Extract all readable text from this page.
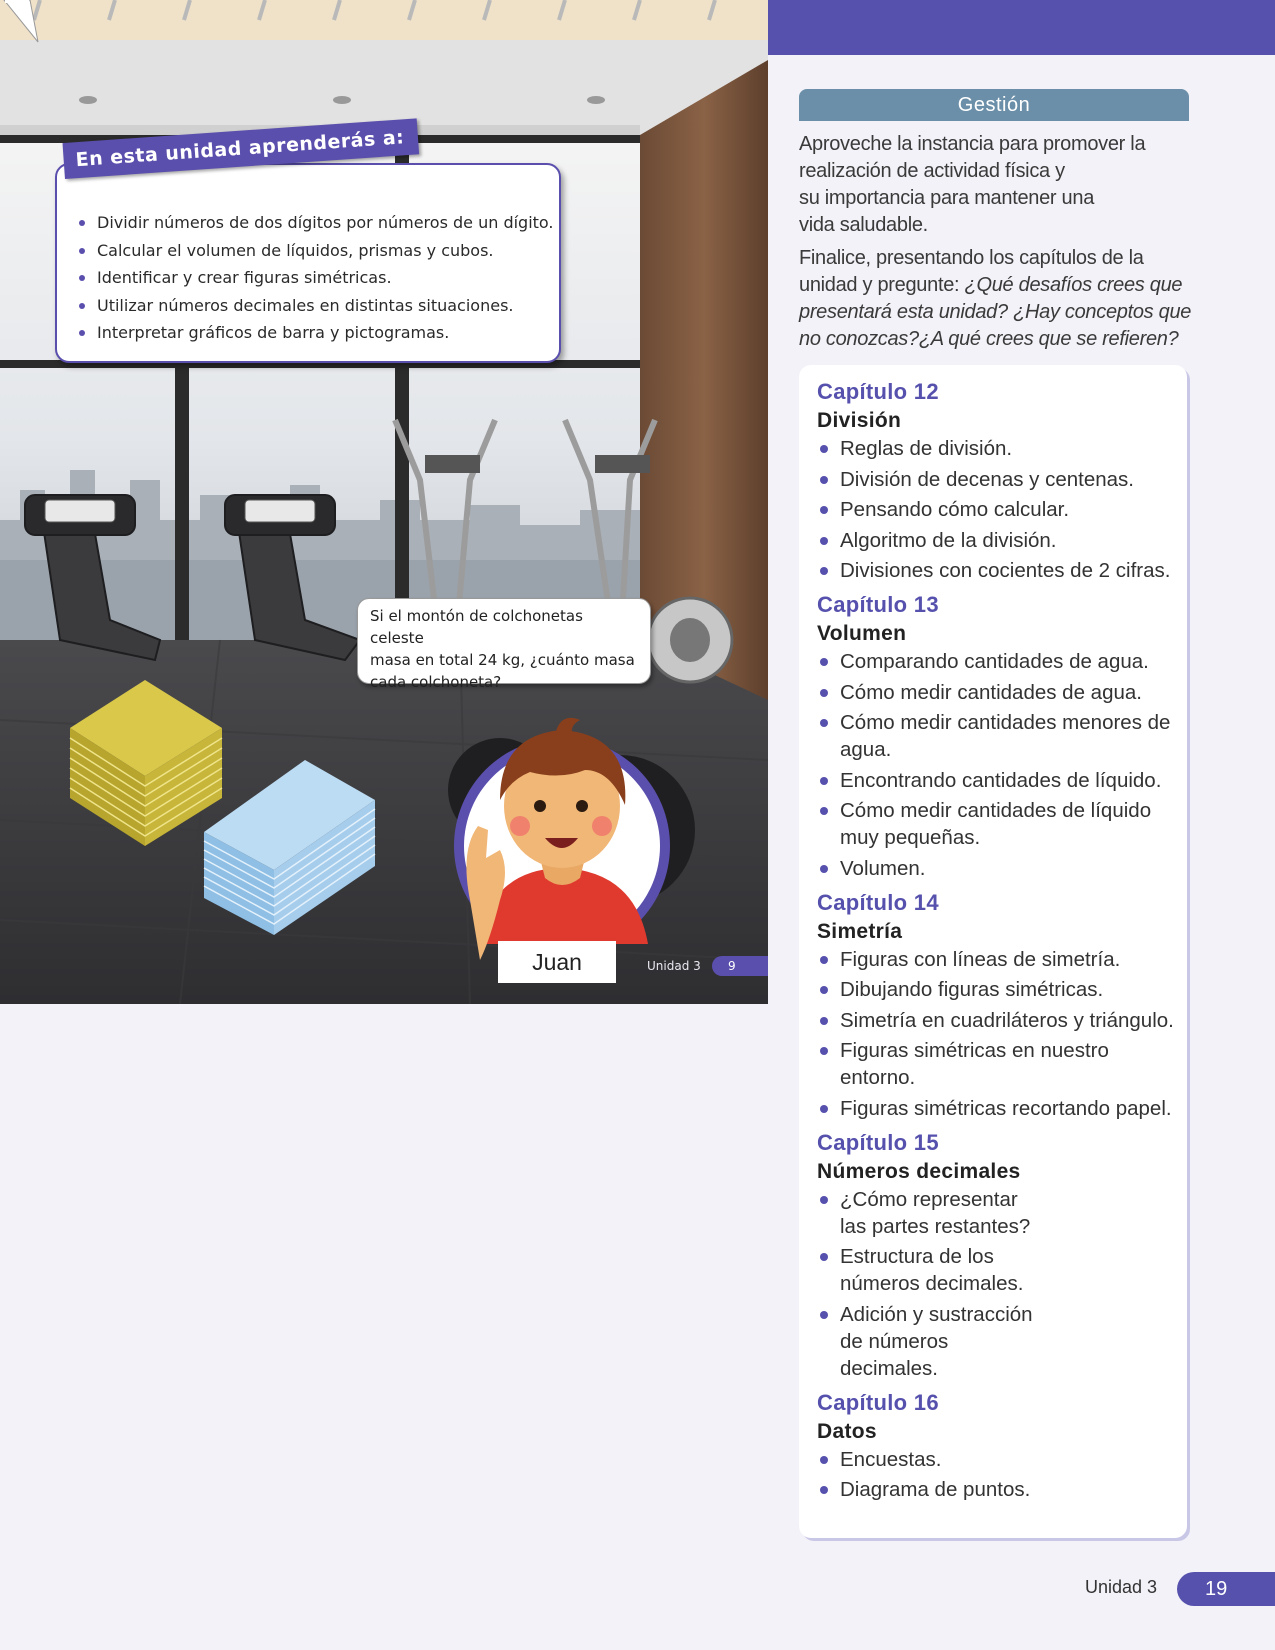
En esta unidad aprenderás a:
Dividir números de dos dígitos por números de un dígito.
Calcular el volumen de líquidos, prismas y cubos.
Identificar y crear figuras simétricas.
Utilizar números decimales en distintas situaciones.
Interpretar gráficos de barra y pictogramas.
Si el montón de colchonetas celeste
masa en total 24 kg, ¿cuánto masa
cada colchoneta?
Juan	Unidad 3	9
Gestión

Aproveche la instancia para promover la
realización de actividad física y
su importancia para mantener una
vida saludable.

Finalice, presentando los capítulos de la
unidad y pregunte: ¿Qué desafíos crees que
presentará esta unidad? ¿Hay conceptos que
no conozcas?¿A qué crees que se refieren?

Capítulo 12
División
Reglas de división.
División de decenas y centenas.
Pensando cómo calcular.
Algoritmo de la división.
Divisiones con cocientes de 2 cifras.
Capítulo 13
Volumen
Comparando cantidades de agua.
Cómo medir cantidades de agua.
Cómo medir cantidades menores de agua.
Encontrando cantidades de líquido.
Cómo medir cantidades de líquido muy pequeñas.
Volumen.
Capítulo 14
Simetría
Figuras con líneas de simetría.
Dibujando figuras simétricas.
Simetría en cuadriláteros y triángulo.
Figuras simétricas en nuestro entorno.
Figuras simétricas recortando papel.
Capítulo 15
Números decimales
¿Cómo representar las partes restantes?
Estructura de los números decimales.
Adición y sustracción de números decimales.
Capítulo 16
Datos
Encuestas.
Diagrama de puntos.
Unidad 3	19
